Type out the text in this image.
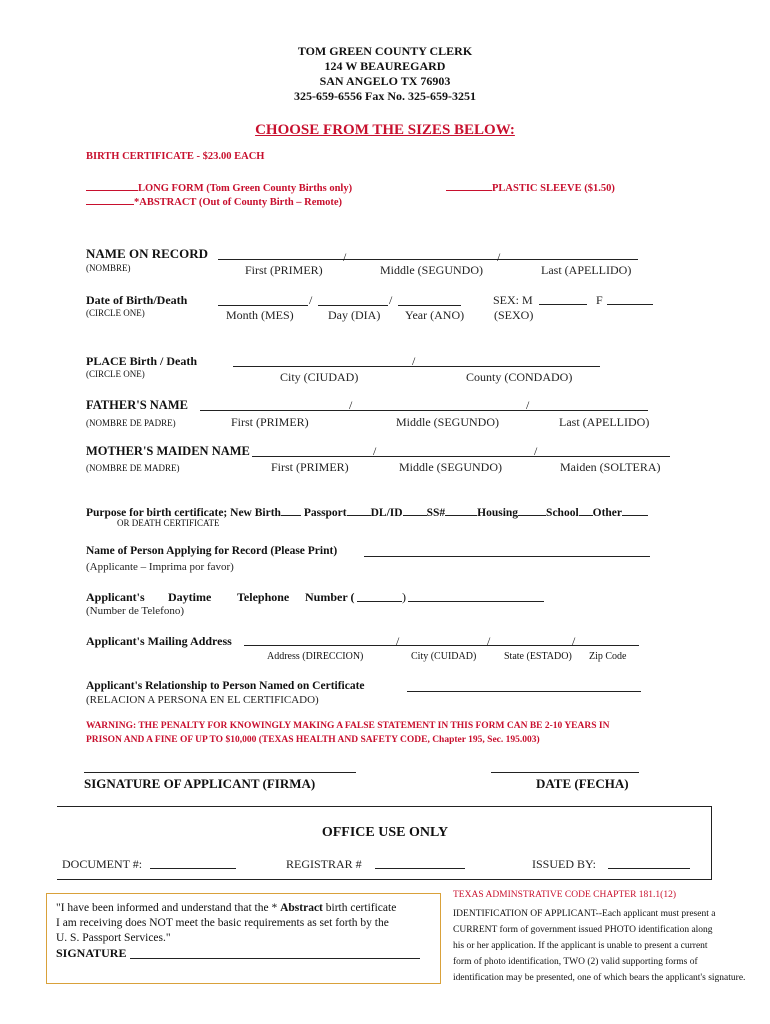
TOM GREEN COUNTY CLERK
124 W BEAUREGARD
SAN ANGELO TX 76903
325-659-6556 Fax No. 325-659-3251
CHOOSE FROM THE SIZES BELOW:
BIRTH CERTIFICATE - $23.00 EACH
LONG FORM (Tom Green County Births only)
*ABSTRACT (Out of County Birth – Remote)
PLASTIC SLEEVE ($1.50)
NAME ON RECORD
(NOMBRE)
/	/
First (PRIMER)	Middle (SEGUNDO)	Last (APELLIDO)
Date of Birth/Death
(CIRCLE ONE)
/	/
Month (MES)	Day (DIA) Year (ANO)
SEX: M	F
(SEXO)
PLACE Birth / Death
(CIRCLE ONE)
/
City (CIUDAD)	County (CONDADO)
FATHER'S NAME
(NOMBRE DE PADRE)
/	/
First (PRIMER)	Middle (SEGUNDO)	Last (APELLIDO)
MOTHER'S MAIDEN NAME
(NOMBRE DE MADRE)
/	/
First (PRIMER)	Middle (SEGUNDO)	Maiden (SOLTERA)
Purpose for birth certificate; New Birth Passport DL/ID SS#	Housing School Other
OR DEATH CERTIFICATE
Name of Person Applying for Record (Please Print)
(Applicante – Imprima por favor)
Applicant's Daytime Telephone Number (	)
(Number de Telefono)
Applicant's Mailing Address	/	/	/
Address (DIRECCION)	City (CUIDAD)	State (ESTADO) Zip Code
Applicant's Relationship to Person Named on Certificate
(RELACION A PERSONA EN EL CERTIFICADO)
WARNING: THE PENALTY FOR KNOWINGLY MAKING A FALSE STATEMENT IN THIS FORM CAN BE 2-10 YEARS IN
PRISON AND A FINE OF UP TO $10,000 (TEXAS HEALTH AND SAFETY CODE, Chapter 195, Sec. 195.003)
SIGNATURE OF APPLICANT (FIRMA)	DATE (FECHA)
OFFICE USE ONLY
DOCUMENT #:	REGISTRAR #	ISSUED BY:
"I have been informed and understand that the * Abstract birth certificate
I am receiving does NOT meet the basic requirements as set forth by the
U. S. Passport Services."
SIGNATURE
TEXAS ADMINSTRATIVE CODE CHAPTER 181.1(12)
IDENTIFICATION OF APPLICANT--Each applicant must present a
CURRENT form of government issued PHOTO identification along
his or her application. If the applicant is unable to present a current
form of photo identification, TWO (2) valid supporting forms of
identification may be presented, one of which bears the applicant's signature.
